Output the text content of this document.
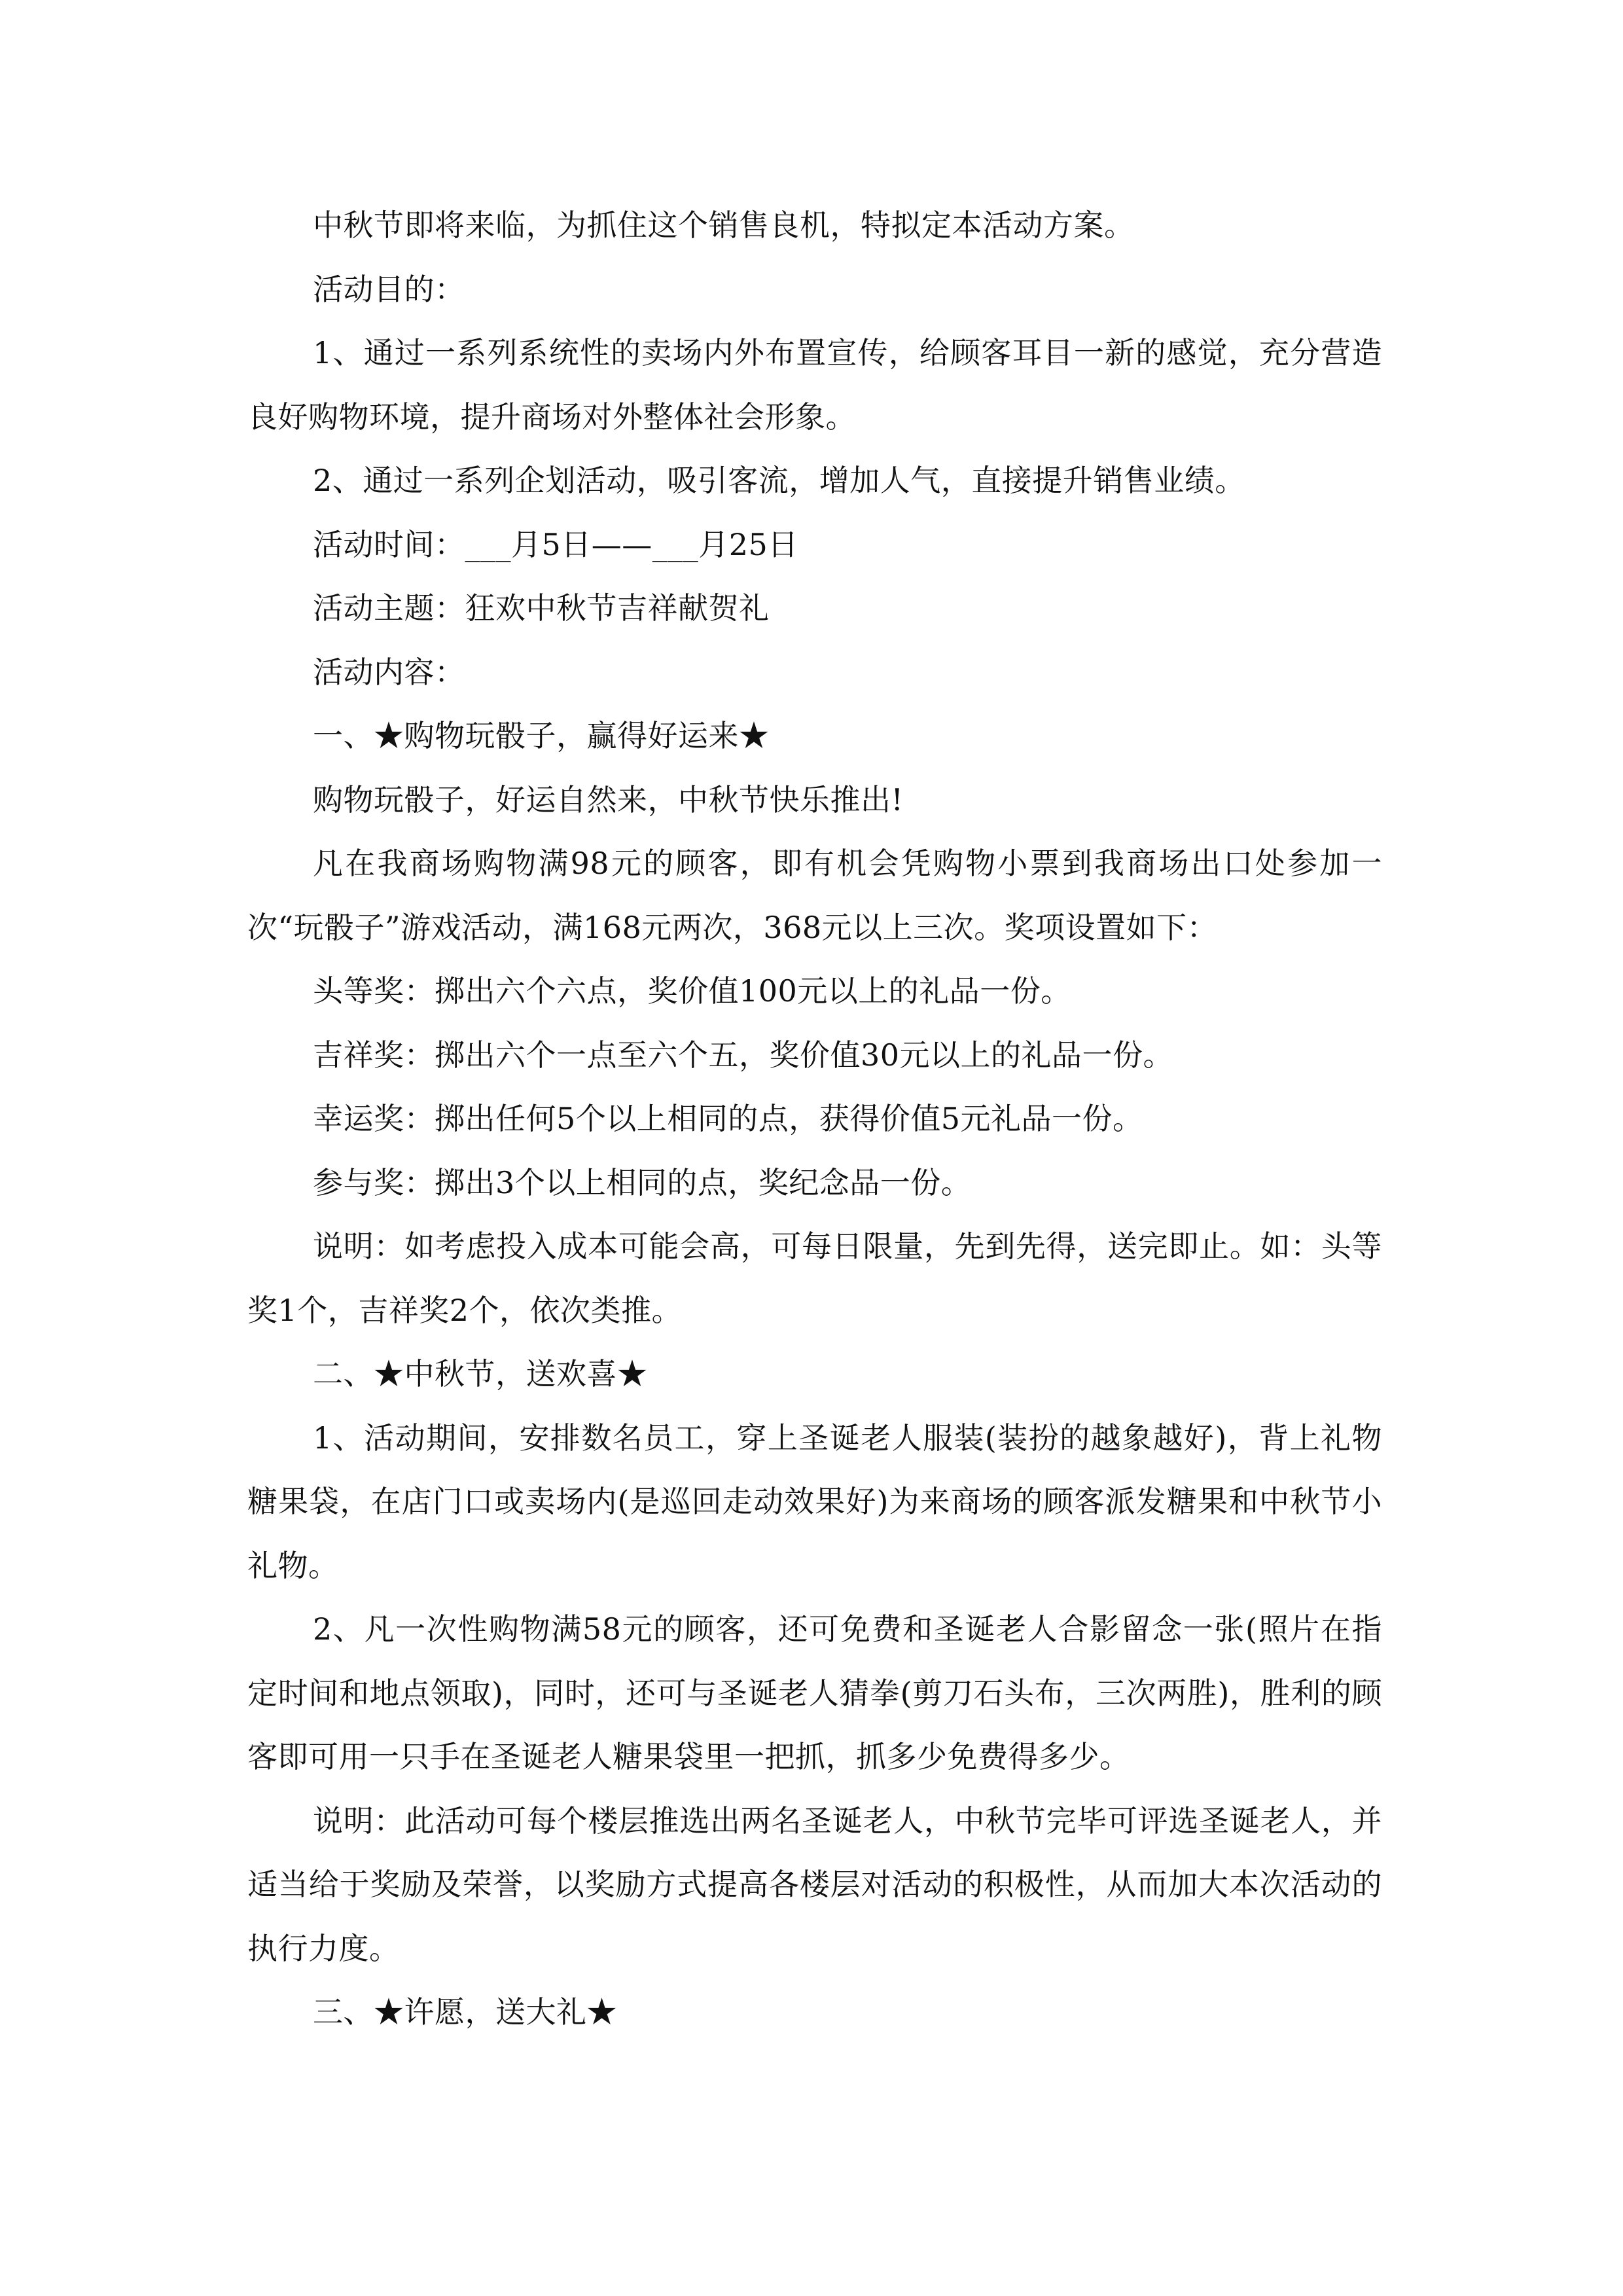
中秋节即将来临，为抓住这个销售良机，特拟定本活动方案。

活动目的：

1、通过一系列系统性的卖场内外布置宣传，给顾客耳目一新的感觉，充分营造良好购物环境，提升商场对外整体社会形象。

2、通过一系列企划活动，吸引客流，增加人气，直接提升销售业绩。

活动时间：___月5日——___月25日

活动主题：狂欢中秋节吉祥献贺礼

活动内容：

一、★购物玩骰子，赢得好运来★

购物玩骰子，好运自然来，中秋节快乐推出!

凡在我商场购物满98元的顾客，即有机会凭购物小票到我商场出口处参加一次“玩骰子”游戏活动，满168元两次，368元以上三次。奖项设置如下：

头等奖：掷出六个六点，奖价值100元以上的礼品一份。

吉祥奖：掷出六个一点至六个五，奖价值30元以上的礼品一份。

幸运奖：掷出任何5个以上相同的点，获得价值5元礼品一份。

参与奖：掷出3个以上相同的点，奖纪念品一份。

说明：如考虑投入成本可能会高，可每日限量，先到先得，送完即止。如：头等奖1个，吉祥奖2个，依次类推。

二、★中秋节，送欢喜★

1、活动期间，安排数名员工，穿上圣诞老人服装(装扮的越象越好)，背上礼物糖果袋，在店门口或卖场内(是巡回走动效果好)为来商场的顾客派发糖果和中秋节小礼物。

2、凡一次性购物满58元的顾客，还可免费和圣诞老人合影留念一张(照片在指定时间和地点领取)，同时，还可与圣诞老人猜拳(剪刀石头布，三次两胜)，胜利的顾客即可用一只手在圣诞老人糖果袋里一把抓，抓多少免费得多少。

说明：此活动可每个楼层推选出两名圣诞老人，中秋节完毕可评选圣诞老人，并适当给于奖励及荣誉，以奖励方式提高各楼层对活动的积极性，从而加大本次活动的执行力度。

三、★许愿，送大礼★
